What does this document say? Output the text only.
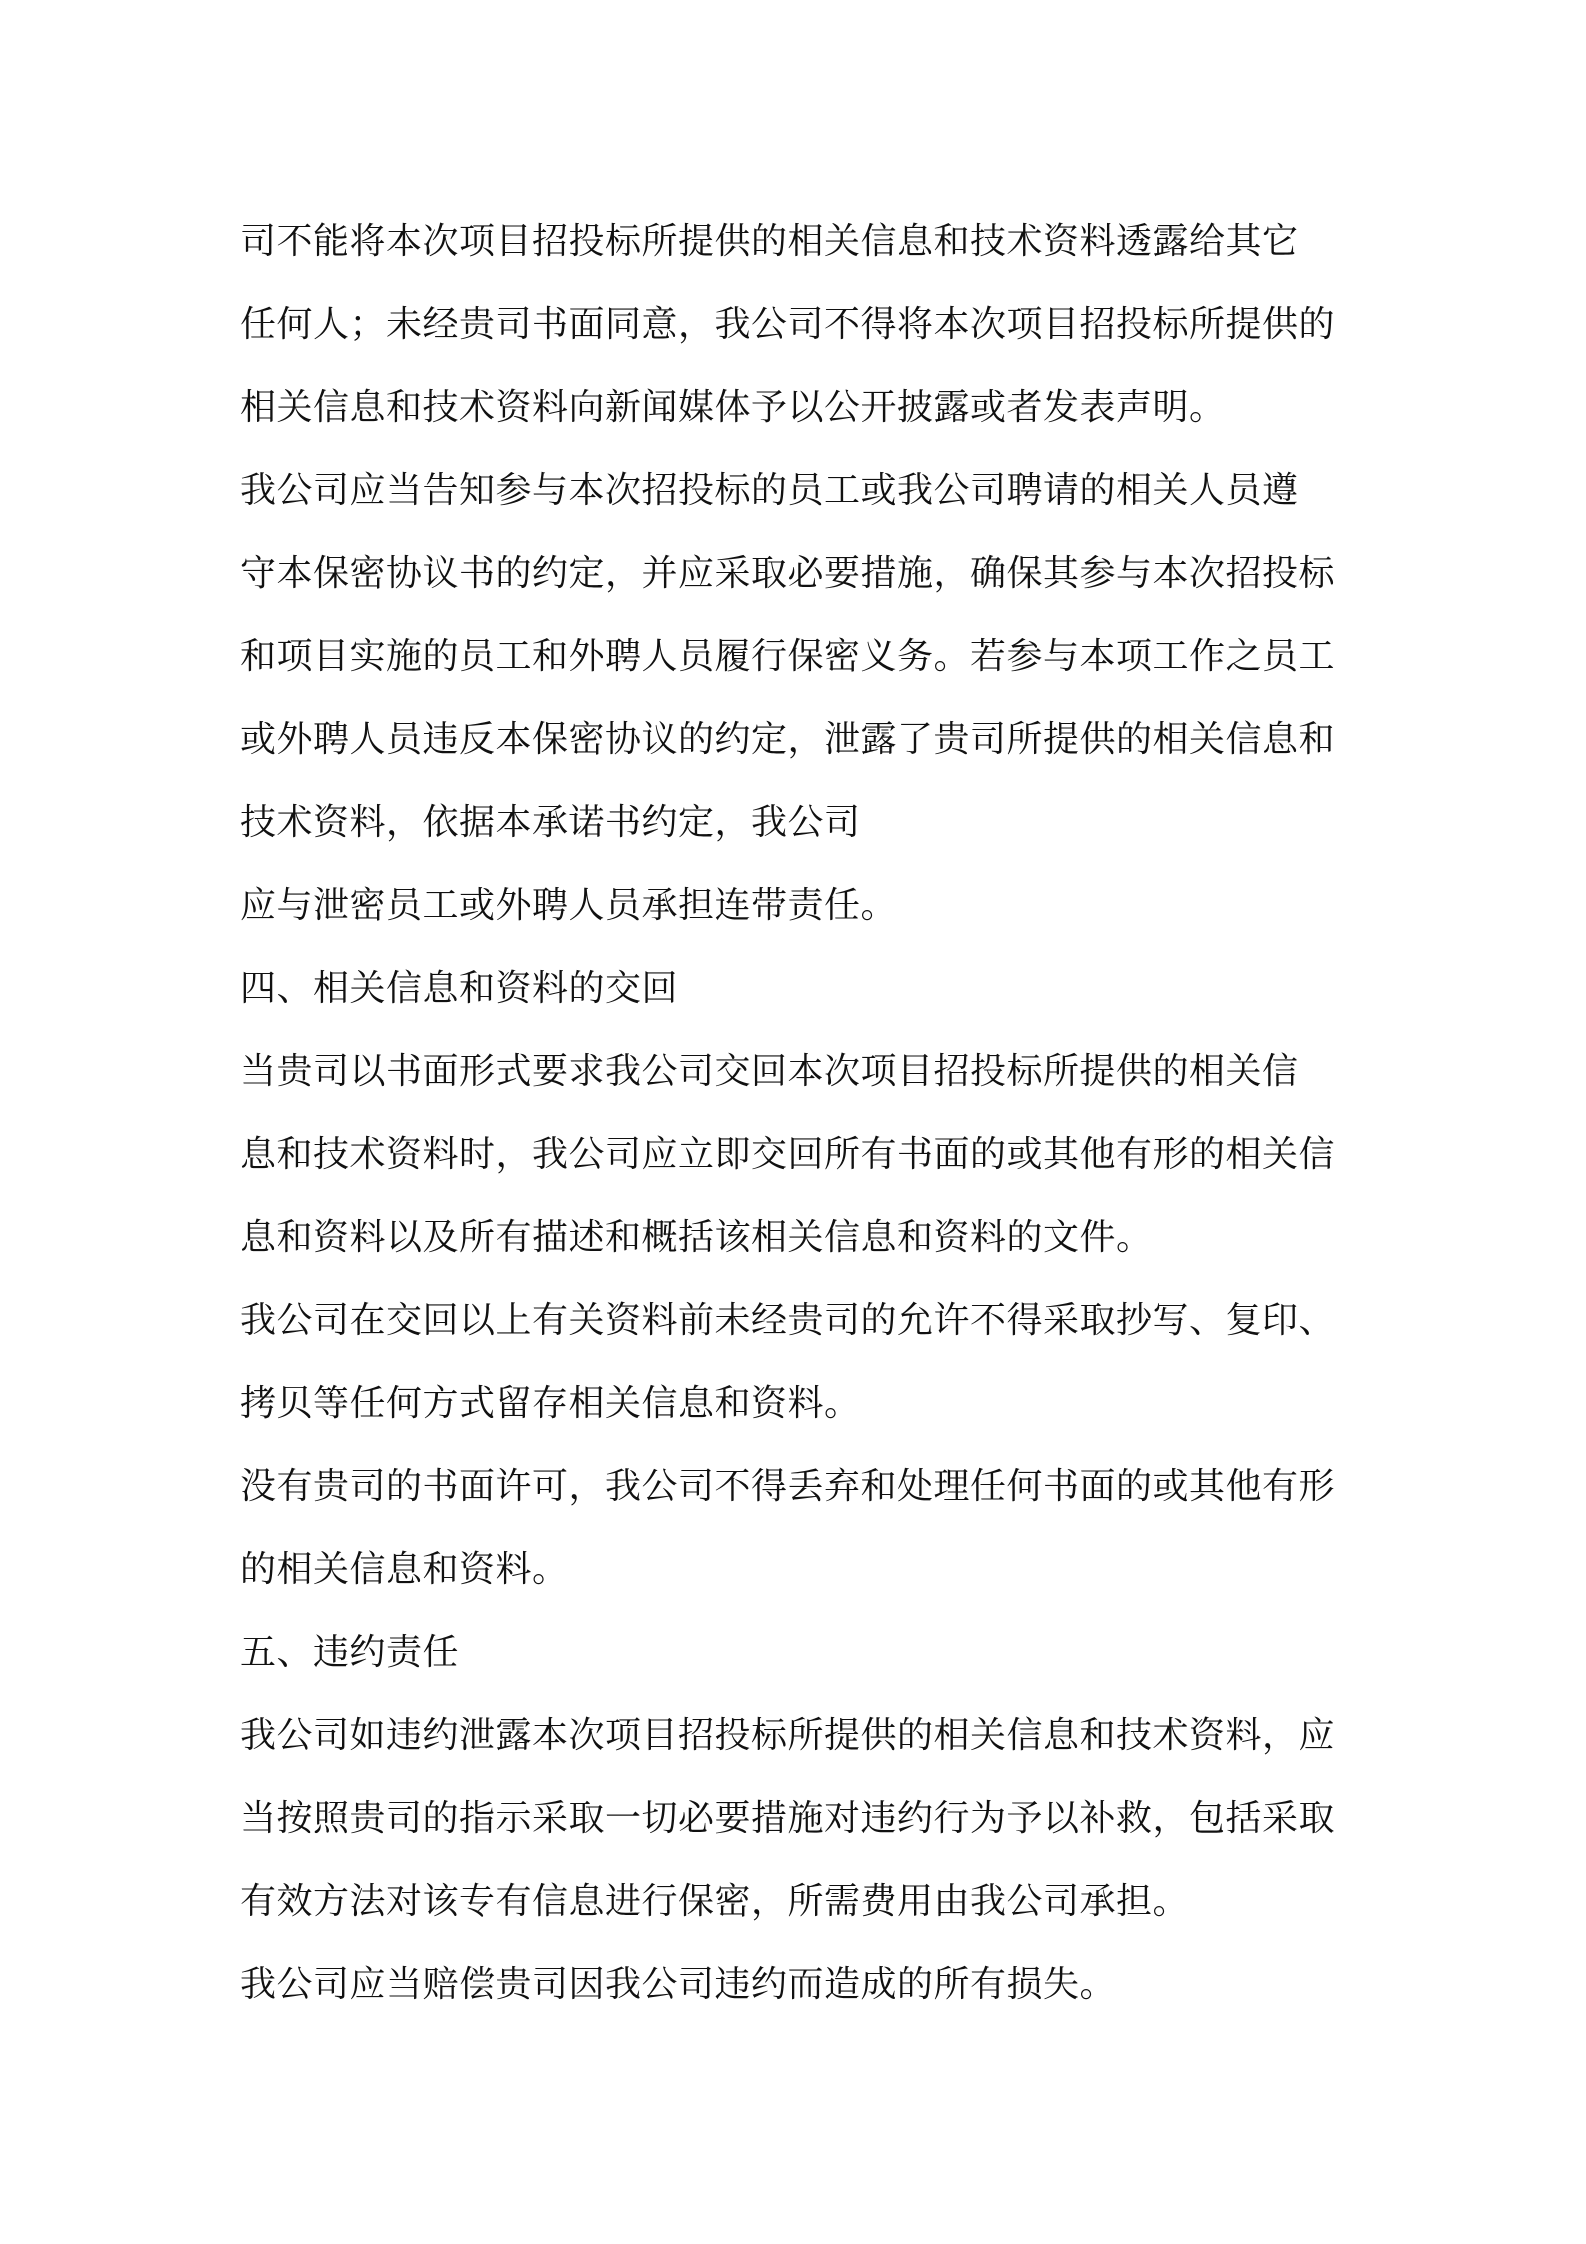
司不能将本次项目招投标所提供的相关信息和技术资料透露给其它
任何人；未经贵司书面同意，我公司不得将本次项目招投标所提供的
相关信息和技术资料向新闻媒体予以公开披露或者发表声明。
我公司应当告知参与本次招投标的员工或我公司聘请的相关人员遵
守本保密协议书的约定，并应采取必要措施，确保其参与本次招投标
和项目实施的员工和外聘人员履行保密义务。若参与本项工作之员工
或外聘人员违反本保密协议的约定，泄露了贵司所提供的相关信息和
技术资料，依据本承诺书约定，我公司
应与泄密员工或外聘人员承担连带责任。
四、相关信息和资料的交回
当贵司以书面形式要求我公司交回本次项目招投标所提供的相关信
息和技术资料时，我公司应立即交回所有书面的或其他有形的相关信
息和资料以及所有描述和概括该相关信息和资料的文件。
我公司在交回以上有关资料前未经贵司的允许不得采取抄写、复印、
拷贝等任何方式留存相关信息和资料。
没有贵司的书面许可，我公司不得丢弃和处理任何书面的或其他有形
的相关信息和资料。
五、违约责任
我公司如违约泄露本次项目招投标所提供的相关信息和技术资料，应
当按照贵司的指示采取一切必要措施对违约行为予以补救，包括采取
有效方法对该专有信息进行保密，所需费用由我公司承担。
我公司应当赔偿贵司因我公司违约而造成的所有损失。
